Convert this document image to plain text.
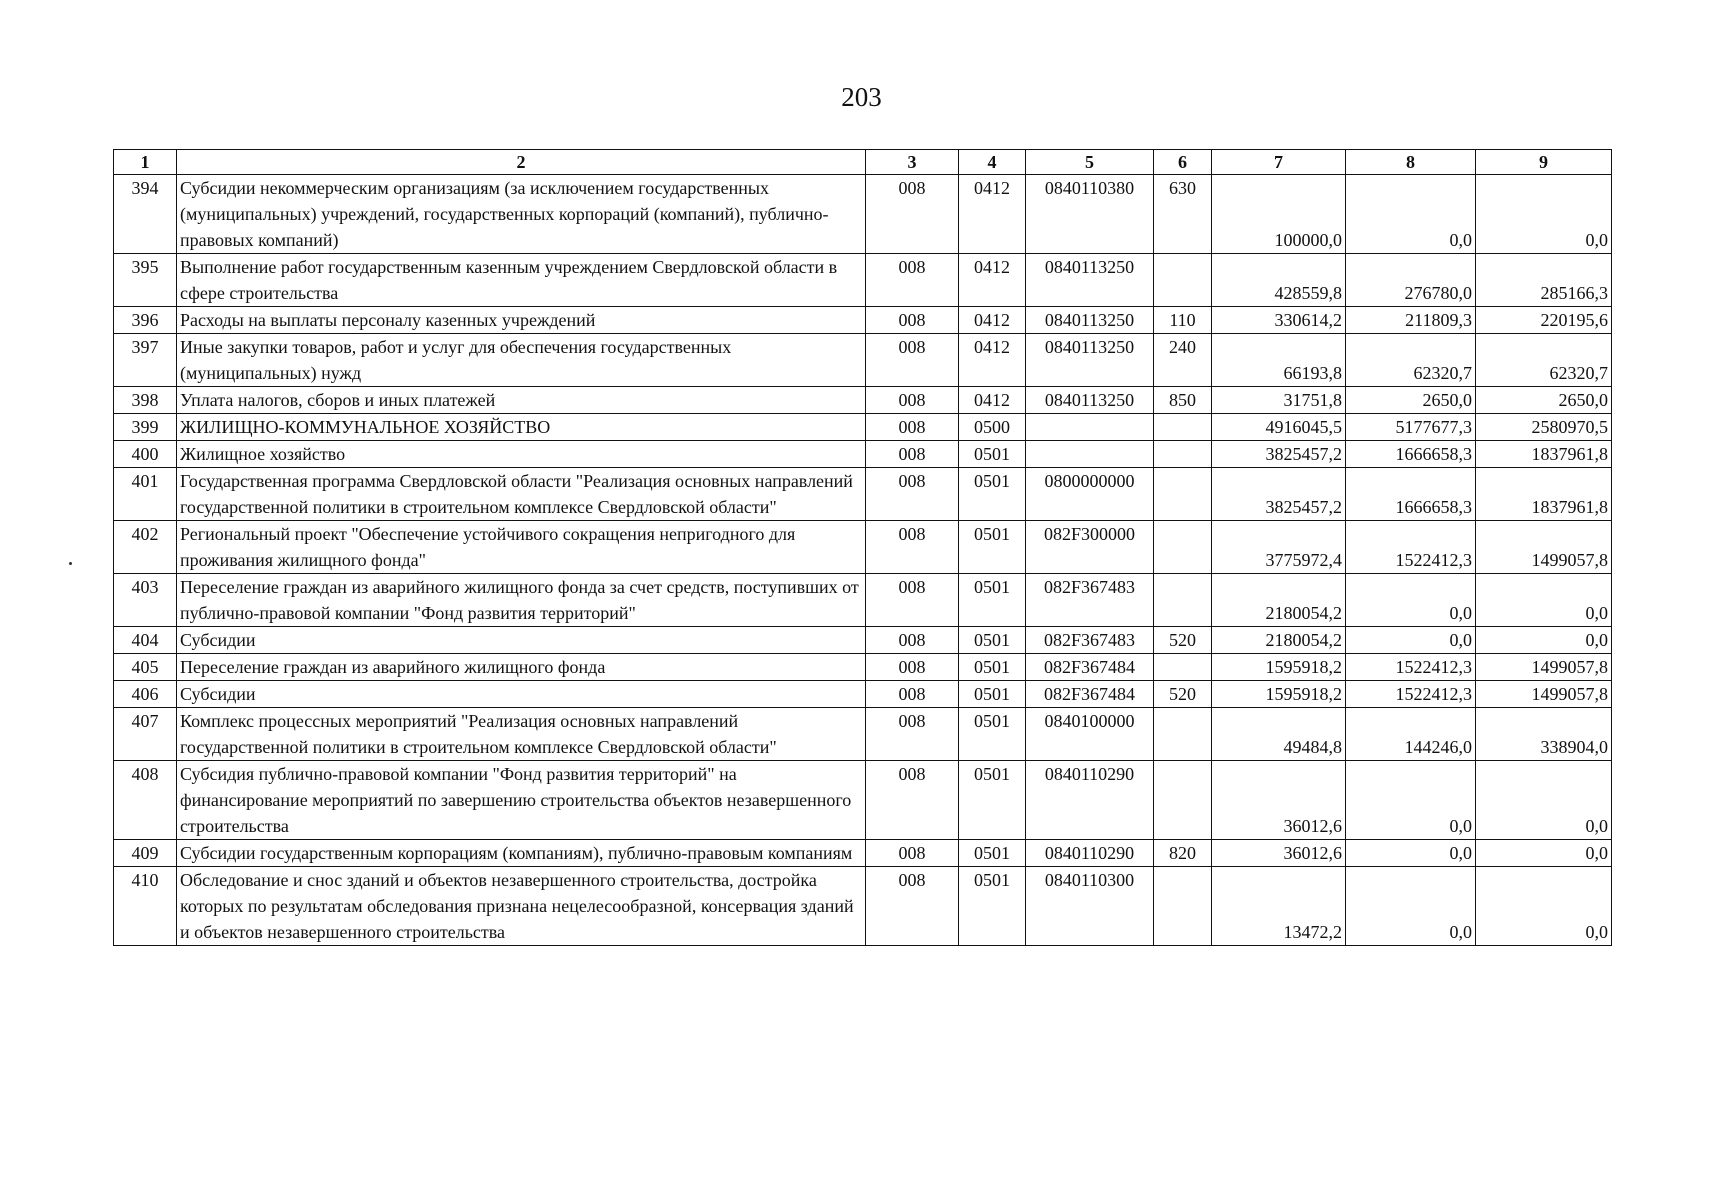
203
1	2	3	4	5	6	7	8	9
394	Субсидии некоммерческим организациям (за исключением государственных (муниципальных) учреждений, государственных корпораций (компаний), публично-правовых компаний)	008	0412	0840110380	630	100000,0	0,0	0,0
395	Выполнение работ государственным казенным учреждением Свердловской области в сфере строительства	008	0412	0840113250		428559,8	276780,0	285166,3
396	Расходы на выплаты персоналу казенных учреждений	008	0412	0840113250	110	330614,2	211809,3	220195,6
397	Иные закупки товаров, работ и услуг для обеспечения государственных (муниципальных) нужд	008	0412	0840113250	240	66193,8	62320,7	62320,7
398	Уплата налогов, сборов и иных платежей	008	0412	0840113250	850	31751,8	2650,0	2650,0
399	ЖИЛИЩНО-КОММУНАЛЬНОЕ ХОЗЯЙСТВО	008	0500			4916045,5	5177677,3	2580970,5
400	Жилищное хозяйство	008	0501			3825457,2	1666658,3	1837961,8
401	Государственная программа Свердловской области "Реализация основных направлений государственной политики в строительном комплексе Свердловской области"	008	0501	0800000000		3825457,2	1666658,3	1837961,8
402	Региональный проект "Обеспечение устойчивого сокращения непригодного для проживания жилищного фонда"	008	0501	082F300000		3775972,4	1522412,3	1499057,8
403	Переселение граждан из аварийного жилищного фонда за счет средств, поступивших от публично-правовой компании "Фонд развития территорий"	008	0501	082F367483		2180054,2	0,0	0,0
404	Субсидии	008	0501	082F367483	520	2180054,2	0,0	0,0
405	Переселение граждан из аварийного жилищного фонда	008	0501	082F367484		1595918,2	1522412,3	1499057,8
406	Субсидии	008	0501	082F367484	520	1595918,2	1522412,3	1499057,8
407	Комплекс процессных мероприятий "Реализация основных направлений государственной политики в строительном комплексе Свердловской области"	008	0501	0840100000		49484,8	144246,0	338904,0
408	Субсидия публично-правовой компании "Фонд развития территорий" на финансирование мероприятий по завершению строительства объектов незавершенного строительства	008	0501	0840110290		36012,6	0,0	0,0
409	Субсидии государственным корпорациям (компаниям), публично-правовым компаниям	008	0501	0840110290	820	36012,6	0,0	0,0
410	Обследование и снос зданий и объектов незавершенного строительства, достройка которых по результатам обследования признана нецелесообразной, консервация зданий и объектов незавершенного строительства	008	0501	0840110300		13472,2	0,0	0,0
